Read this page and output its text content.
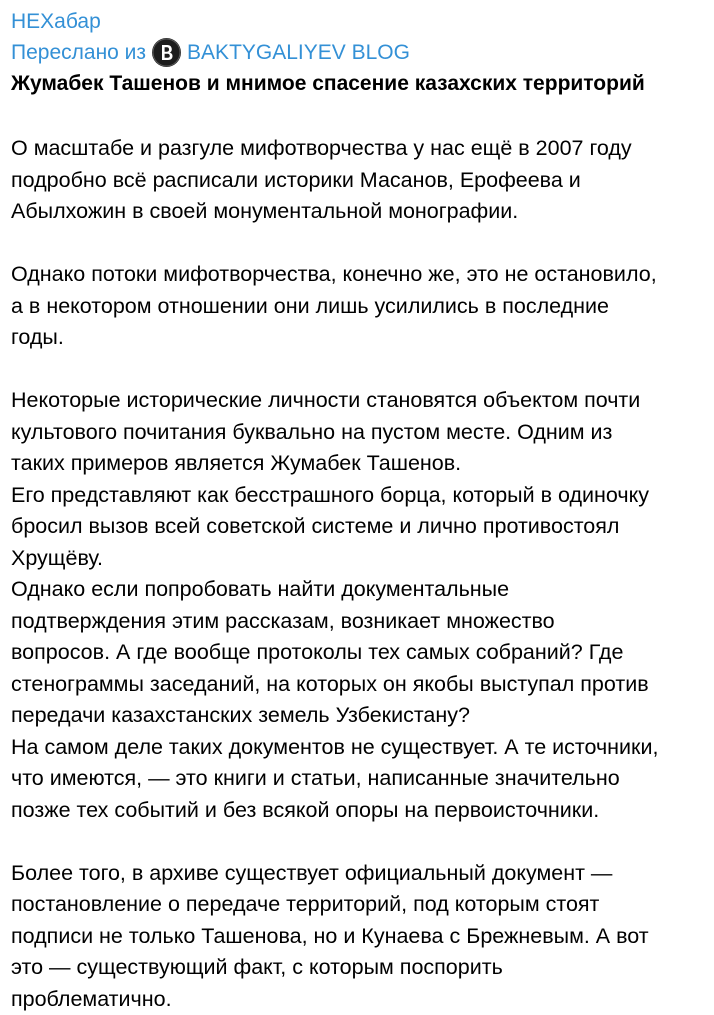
НЕХабар
Переслано из BAKTYGALIYEV BLOG
Жумабек Ташенов и мнимое спасение казахских территорий

О масштабе и разгуле мифотворчества у нас ещё в 2007 году
подробно всё расписали историки Масанов, Ерофеева и
Абылхожин в своей монументальной монографии.

Однако потоки мифотворчества, конечно же, это не остановило,
а в некотором отношении они лишь усилились в последние
годы.

Некоторые исторические личности становятся объектом почти
культового почитания буквально на пустом месте. Одним из
таких примеров является Жумабек Ташенов.
Его представляют как бесстрашного борца, который в одиночку
бросил вызов всей советской системе и лично противостоял
Хрущёву.
Однако если попробовать найти документальные
подтверждения этим рассказам, возникает множество
вопросов. А где вообще протоколы тех самых собраний? Где
стенограммы заседаний, на которых он якобы выступал против
передачи казахстанских земель Узбекистану?
На самом деле таких документов не существует. А те источники,
что имеются, — это книги и статьи, написанные значительно
позже тех событий и без всякой опоры на первоисточники.

Более того, в архиве существует официальный документ —
постановление о передаче территорий, под которым стоят
подписи не только Ташенова, но и Кунаева с Брежневым. А вот
это — существующий факт, с которым поспорить
проблематично.
